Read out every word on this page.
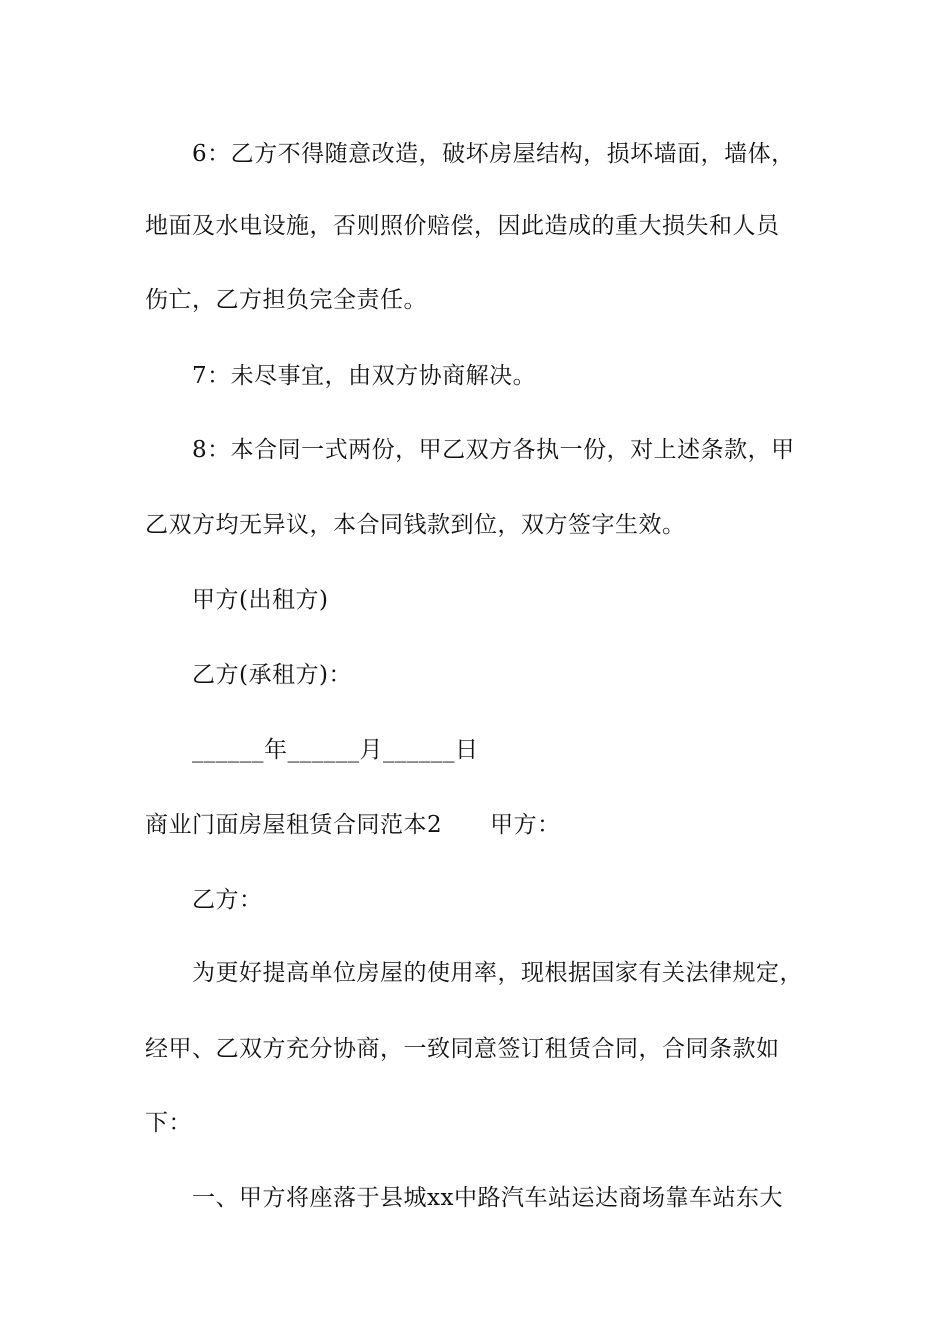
6：乙方不得随意改造，破坏房屋结构，损坏墙面，墙体，
地面及水电设施，否则照价赔偿，因此造成的重大损失和人员
伤亡，乙方担负完全责任。
7：未尽事宜，由双方协商解决。
8：本合同一式两份，甲乙双方各执一份，对上述条款，甲
乙双方均无异议，本合同钱款到位，双方签字生效。
甲方(出租方)
乙方(承租方)：
______年______月______日
商业门面房屋租赁合同范本2 甲方：
乙方：
为更好提高单位房屋的使用率，现根据国家有关法律规定，
经甲、乙双方充分协商，一致同意签订租赁合同，合同条款如
下：
一、甲方将座落于县城xx中路汽车站运达商场靠车站东大
